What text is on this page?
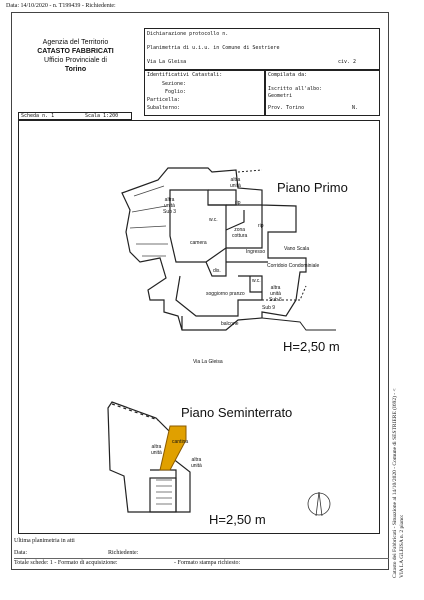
Data: 14/10/2020 - n. T199439 - Richiedente:
Agenzia del Territorio
CATASTO FABBRICATI
Ufficio Provinciale di
Torino
Dichiarazione protocollo n.
Planimetria di u.i.u. in Comune di Sestriere
Via La Gleisa	civ. 2
Identificativi Catastali:
Sezione:
Foglio:
Particella:
Subalterno:
Compilata da:
Iscritto all'albo:
Geometri
Prov. Torino	N.
Scheda n. 1	Scala 1:200
Piano Primo
H=2,50 m
Via La Gleisa
Piano Seminterrato
H=2,50 m
altra
unità
altra
unità
Sub 3
rip
w.c.
zona
cottura
rip
camera
dis.
Ingresso	Vano Scala
Corridoio Condominiale
w.c.
Sub 9
soggiorno pranzo
altra
unità
Sub 5
balcone
cantina
altra
unità
altra
unità	Catasto dei Fabbricati - Situazione al 14/10/2020 - Comune di SESTRIERE (I692) - < VIA LA GLEISA n. 2 piano:
Ultima planimetria in atti
Data:	Richiedente:
Totale schede: 1 - Formato di acquisizione:	- Formato stampa richiesto:
